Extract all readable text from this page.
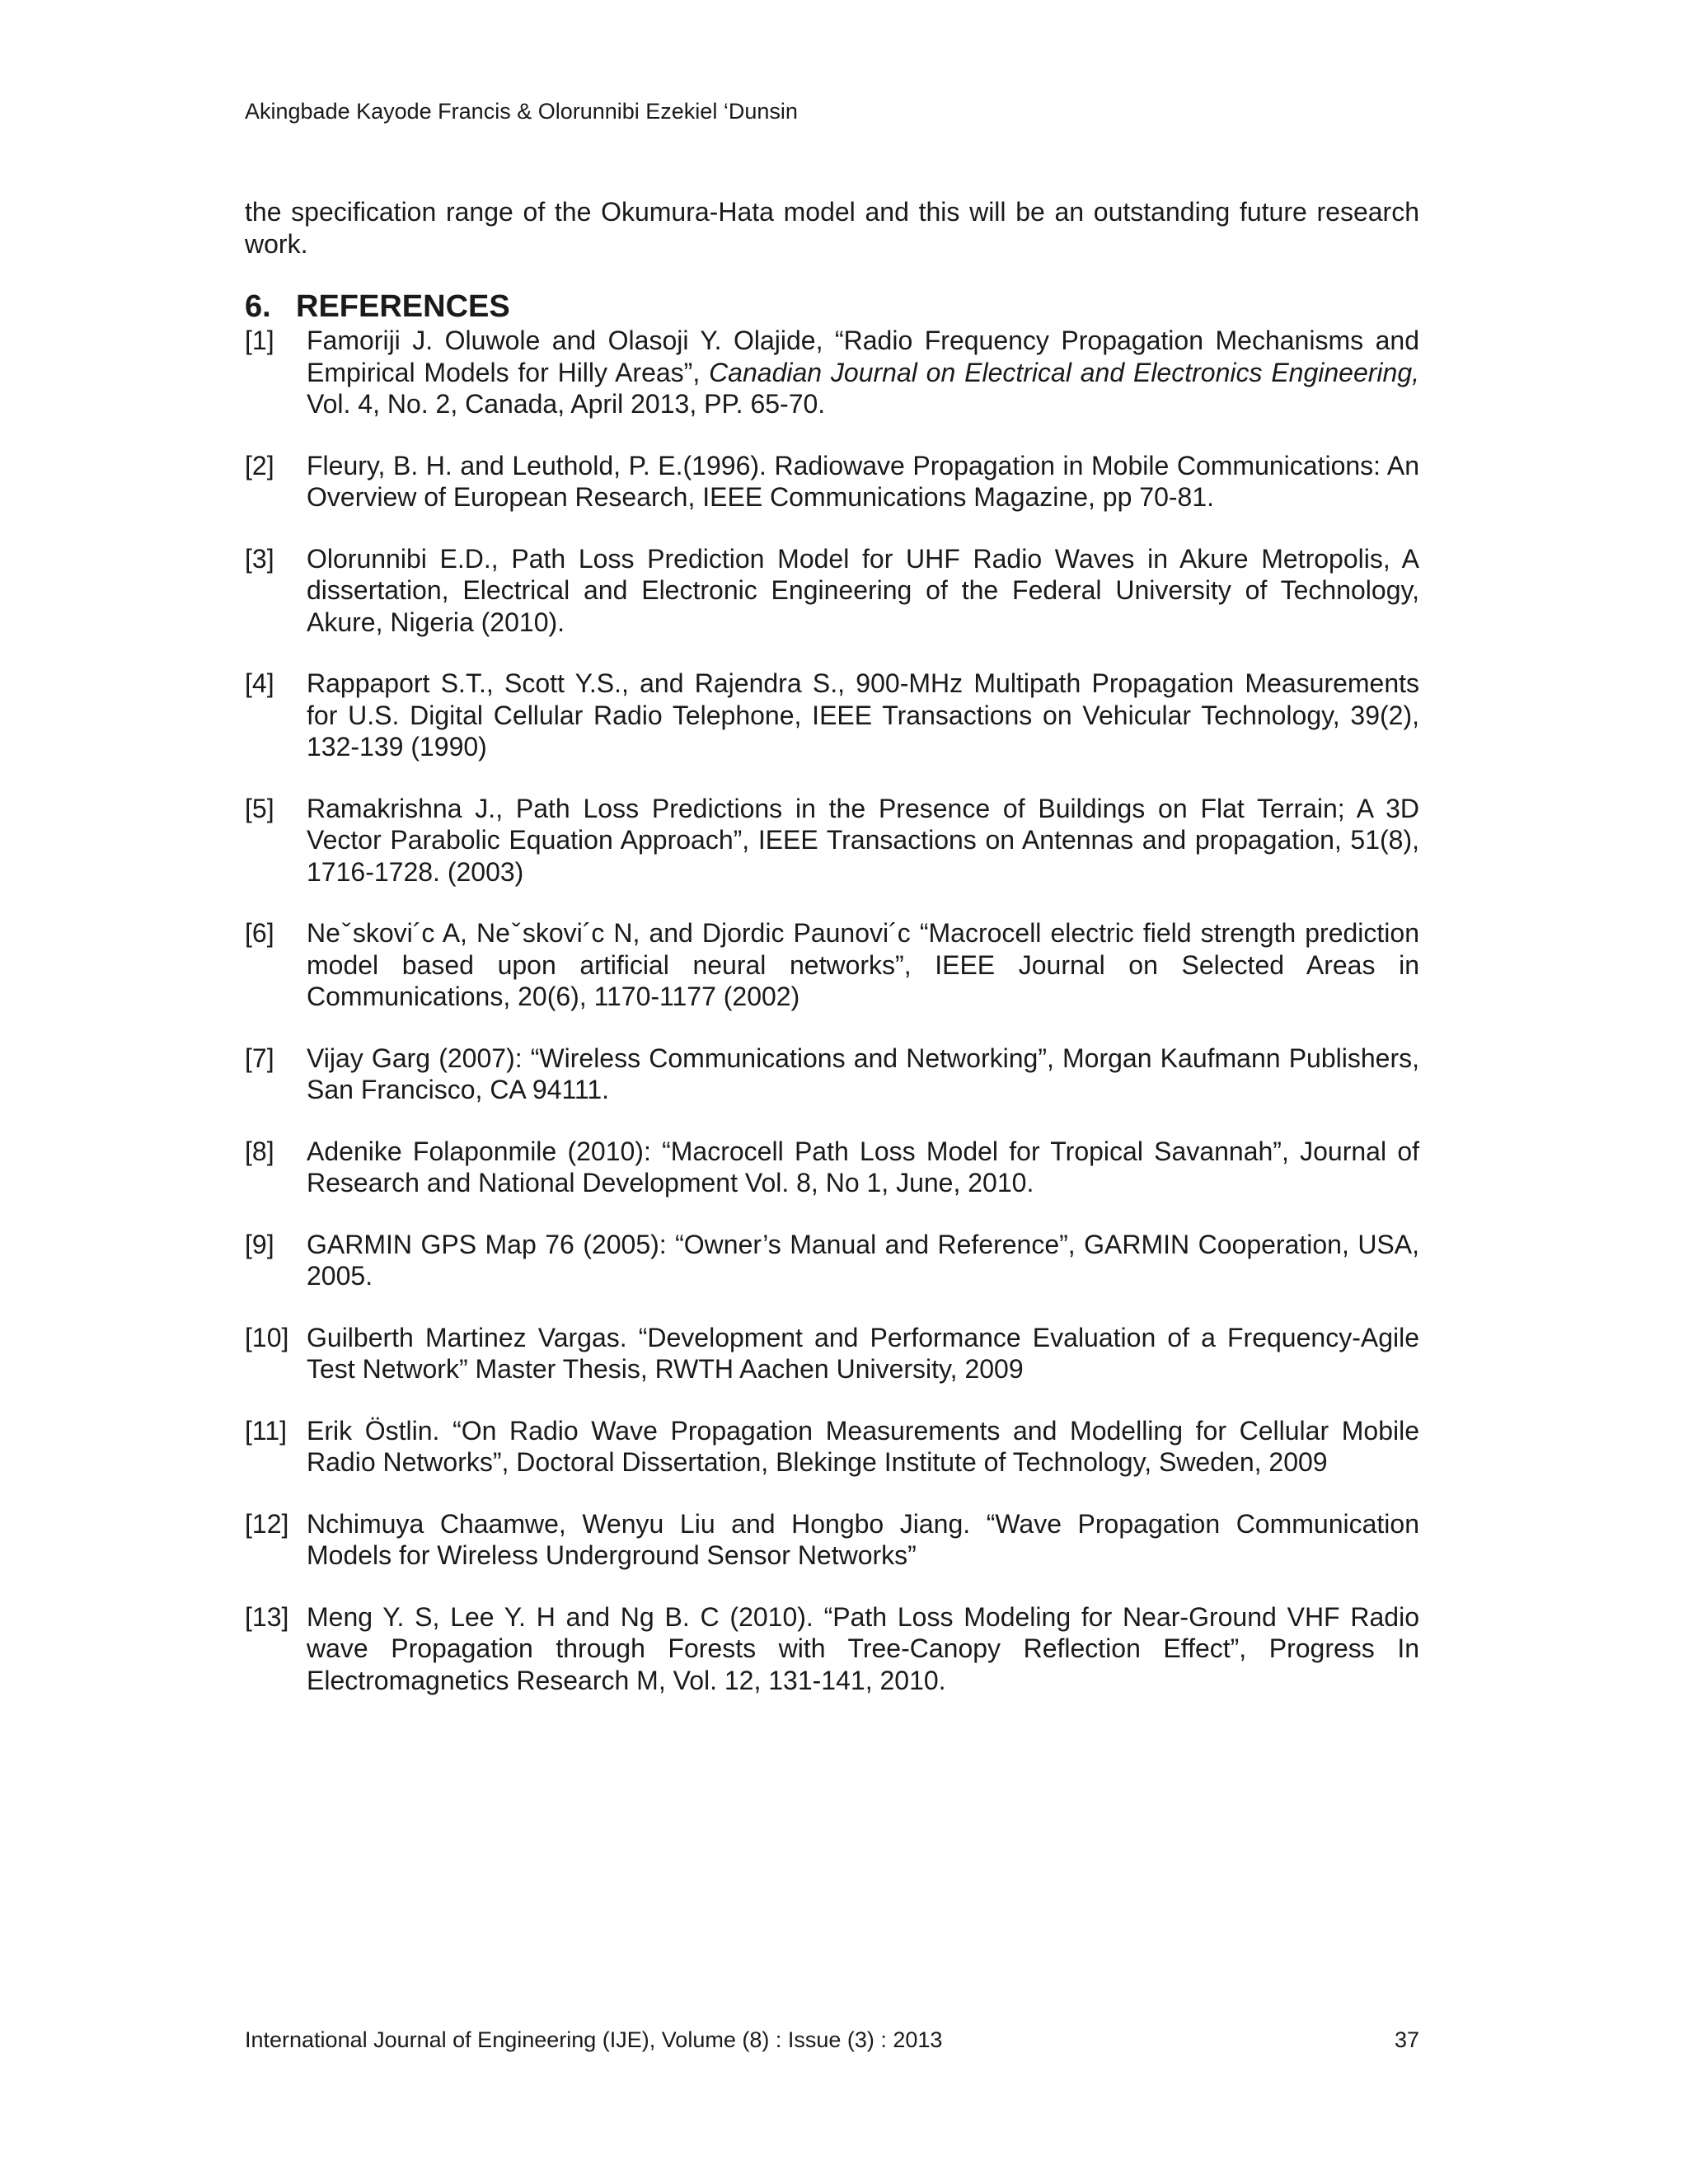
Akingbade Kayode Francis & Olorunnibi Ezekiel ‘Dunsin

the specification range of the Okumura-Hata model and this will be an outstanding future research work.

6. REFERENCES
[1]	Famoriji J. Oluwole and Olasoji Y. Olajide, “Radio Frequency Propagation Mechanisms and Empirical Models for Hilly Areas”, Canadian Journal on Electrical and Electronics Engineering, Vol. 4, No. 2, Canada, April 2013, PP. 65-70.
[2]	Fleury, B. H. and Leuthold, P. E.(1996). Radiowave Propagation in Mobile Communications: An Overview of European Research, IEEE Communications Magazine, pp 70-81.
[3]	Olorunnibi E.D., Path Loss Prediction Model for UHF Radio Waves in Akure Metropolis, A dissertation, Electrical and Electronic Engineering of the Federal University of Technology, Akure, Nigeria (2010).
[4]	Rappaport S.T., Scott Y.S., and Rajendra S., 900-MHz Multipath Propagation Measurements for U.S. Digital Cellular Radio Telephone, IEEE Transactions on Vehicular Technology, 39(2), 132-139 (1990)
[5]	Ramakrishna J., Path Loss Predictions in the Presence of Buildings on Flat Terrain; A 3D Vector Parabolic Equation Approach”, IEEE Transactions on Antennas and propagation, 51(8), 1716-1728. (2003)
[6]	Neˇskovi´c A, Neˇskovi´c N, and Djordic Paunovi´c “Macrocell electric field strength prediction model based upon artificial neural networks”, IEEE Journal on Selected Areas in Communications, 20(6), 1170-1177 (2002)
[7]	Vijay Garg (2007): “Wireless Communications and Networking”, Morgan Kaufmann Publishers, San Francisco, CA 94111.
[8]	Adenike Folaponmile (2010): “Macrocell Path Loss Model for Tropical Savannah”, Journal of Research and National Development Vol. 8, No 1, June, 2010.
[9]	GARMIN GPS Map 76 (2005): “Owner’s Manual and Reference”, GARMIN Cooperation, USA, 2005.
[10] Guilberth Martinez Vargas. “Development and Performance Evaluation of a Frequency-Agile Test Network” Master Thesis, RWTH Aachen University, 2009
[11] Erik Östlin. “On Radio Wave Propagation Measurements and Modelling for Cellular Mobile Radio Networks”, Doctoral Dissertation, Blekinge Institute of Technology, Sweden, 2009
[12] Nchimuya Chaamwe, Wenyu Liu and Hongbo Jiang. “Wave Propagation Communication Models for Wireless Underground Sensor Networks”
[13] Meng Y. S, Lee Y. H and Ng B. C (2010). “Path Loss Modeling for Near-Ground VHF Radio wave Propagation through Forests with Tree-Canopy Reflection Effect”, Progress In Electromagnetics Research M, Vol. 12, 131-141, 2010.
International Journal of Engineering (IJE), Volume (8) : Issue (3) : 2013	37
